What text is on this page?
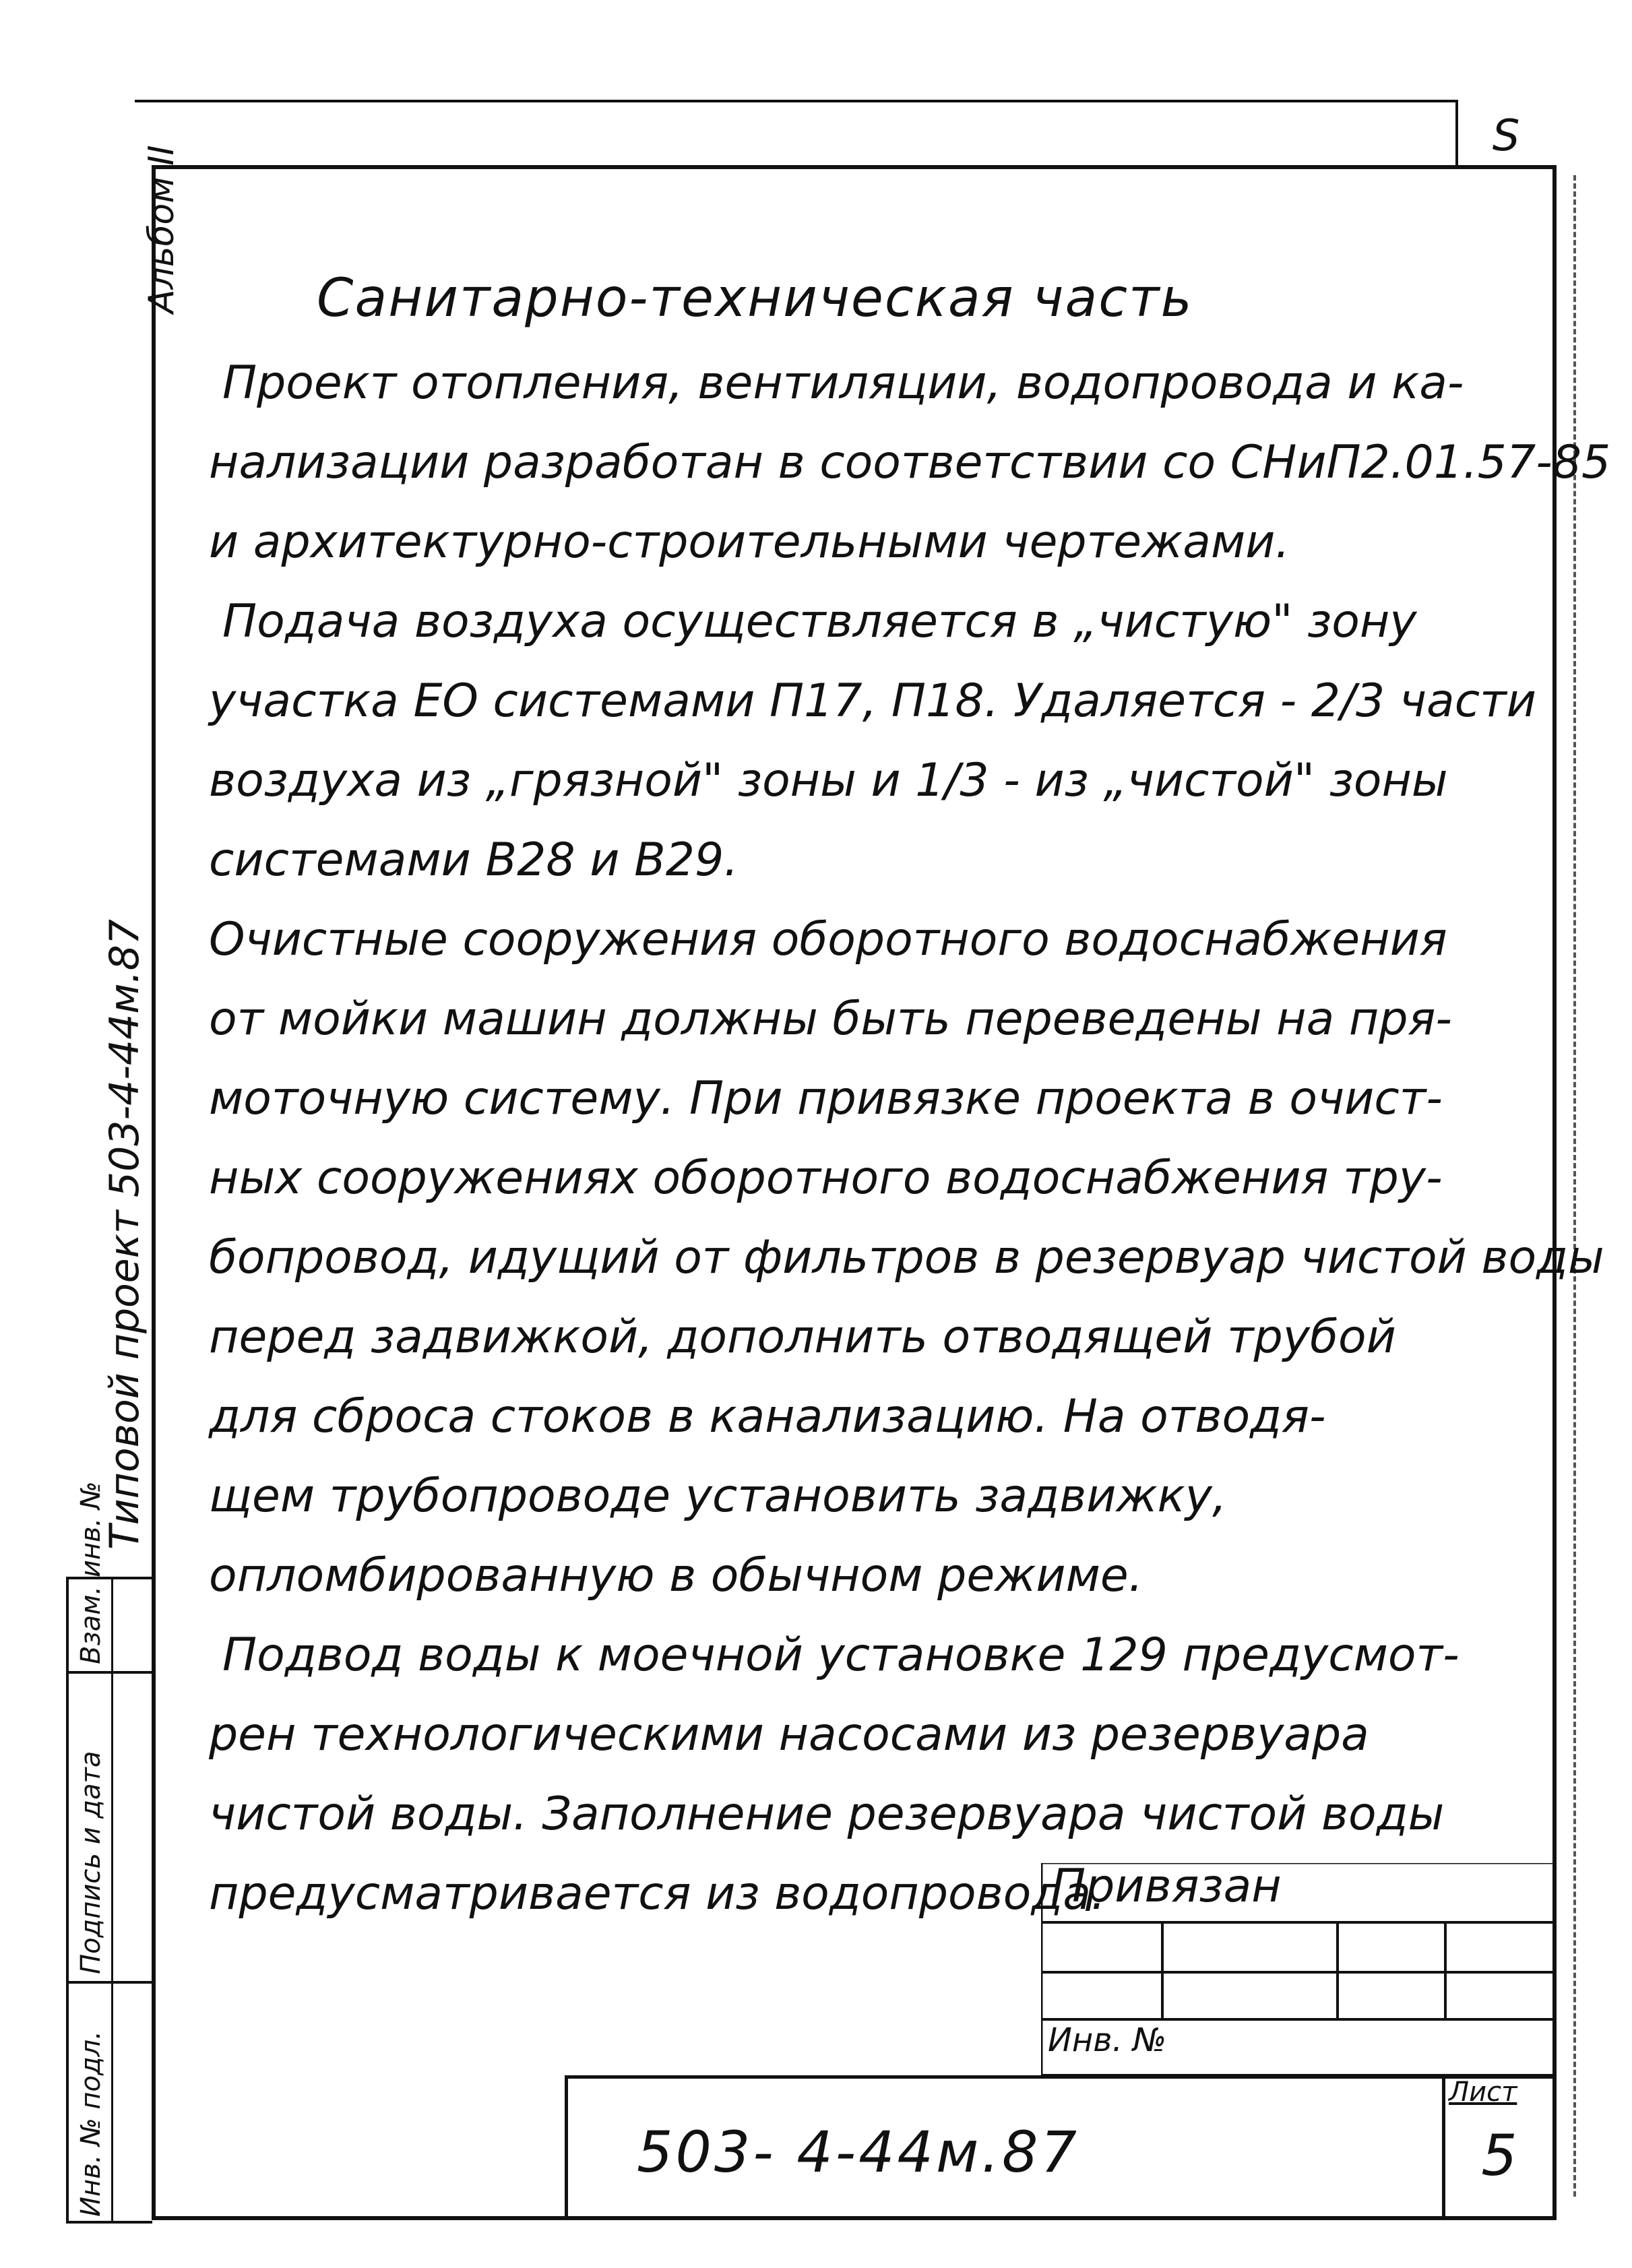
S
Альбом II
Типовой проект 503-4-44м.87
Инв. № подл.
Подпись и дата
Взам. инв. №
Санитарно-техническая часть
Проект отопления, вентиляции, водопровода и ка-
нализации разработан в соответствии со СНиП2.01.57-85
и архитектурно-строительными чертежами.
Подача воздуха осуществляется в „чистую" зону
участка ЕО системами П17, П18. Удаляется - 2/3 части
воздуха из „грязной" зоны и 1/3 - из „чистой" зоны
системами В28 и В29.
Очистные сооружения оборотного водоснабжения
от мойки машин должны быть переведены на пря-
моточную систему. При привязке проекта в очист-
ных сооружениях оборотного водоснабжения тру-
бопровод, идущий от фильтров в резервуар чистой воды
перед задвижкой, дополнить отводящей трубой
для сброса стоков в канализацию. На отводя-
щем трубопроводе установить задвижку,
опломбированную в обычном режиме.
Подвод воды к моечной установке 129 предусмот-
рен технологическими насосами из резервуара
чистой воды. Заполнение резервуара чистой воды
предусматривается из водопровода.
Привязан
Инв. №
503- 4-44м.87
Лист
5
